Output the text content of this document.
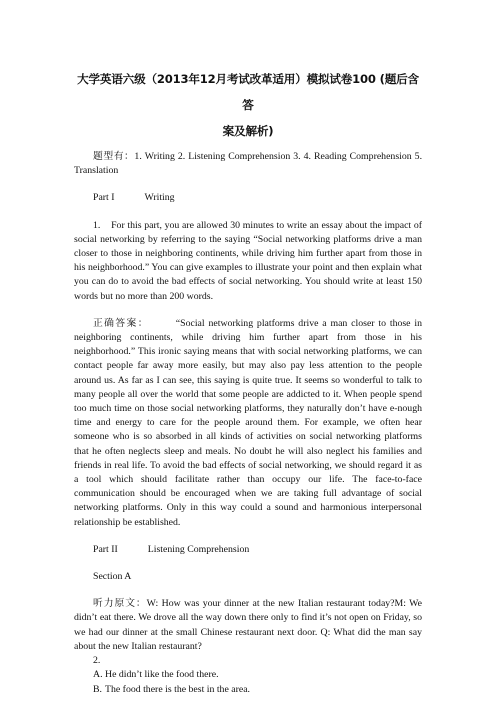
大学英语六级（2013年12月考试改革适用）模拟试卷100 (题后含答
案及解析)

题型有：1. Writing 2. Listening Comprehension 3. 4. Reading Comprehension 5. Translation

Part I	Writing

1. For this part, you are allowed 30 minutes to write an essay about the impact of social networking by referring to the saying “Social networking platforms drive a man closer to those in neighboring continents, while driving him further apart from those in his neighborhood.” You can give examples to illustrate your point and then explain what you can do to avoid the bad effects of social networking. You should write at least 150 words but no more than 200 words.

正确答案：	“Social networking platforms drive a man closer to those in neighboring continents, while driving him further apart from those in his neighborhood.” This ironic saying means that with social networking platforms, we can contact people far away more easily, but may also pay less attention to the people around us. As far as I can see, this saying is quite true. It seems so wonderful to talk to many people all over the world that some people are addicted to it. When people spend too much time on those social networking platforms, they naturally don’t have e-nough time and energy to care for the people around them. For example, we often hear someone who is so absorbed in all kinds of activities on social networking platforms that he often neglects sleep and meals. No doubt he will also neglect his families and friends in real life. To avoid the bad effects of social networking, we should regard it as a tool which should facilitate rather than occupy our life. The face-to-face communication should be encouraged when we are taking full advantage of social networking platforms. Only in this way could a sound and harmonious interpersonal relationship be established.

Part II	Listening Comprehension

Section A

听力原文：W: How was your dinner at the new Italian restaurant today?M: We didn’t eat there. We drove all the way down there only to find it’s not open on Friday, so we had our dinner at the small Chinese restaurant next door. Q: What did the man say about the new Italian restaurant?

2.

A. He didn’t like the food there.

B. The food there is the best in the area.
